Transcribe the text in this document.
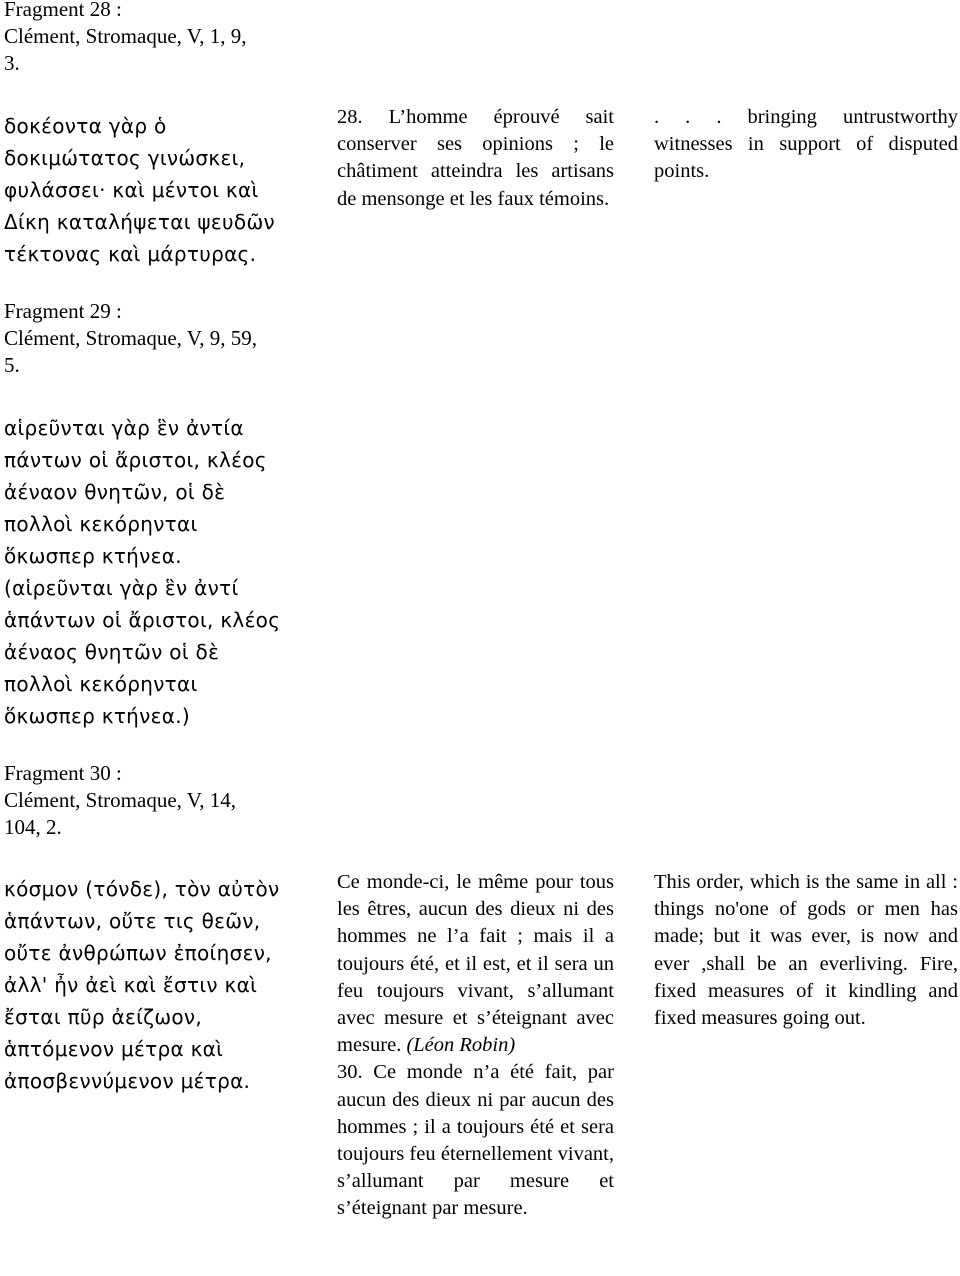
Fragment 28 :
Clément, Stromaque, V, 1, 9,
3.
δοκέοντα γὰρ ὁ
δοκιμώτατος γινώσκει,
φυλάσσει· καὶ μέντοι καὶ
Δίκη καταλήψεται ψευδῶν
τέκτονας καὶ μάρτυρας.

28. L’homme éprouvé sait conserver ses opinions ; le châtiment atteindra les artisans de mensonge et les faux témoins.

. . . bringing untrustworthy witnesses in support of disputed points.

Fragment 29 :
Clément, Stromaque, V, 9, 59,
5.
αἱρεῦνται γὰρ ἓν ἀντία
πάντων οἱ ἄριστοι, κλέος
ἀέναον θνητῶν, οἱ δὲ
πολλοὶ κεκόρηνται
ὅκωσπερ κτήνεα.
(αἱρεῦνται γὰρ ἓν ἀντί
ἁπάντων οἱ ἄριστοι, κλέος
ἀέναος θνητῶν οἱ δὲ
πολλοὶ κεκόρηνται
ὅκωσπερ κτήνεα.)
Fragment 30 :
Clément, Stromaque, V, 14,
104, 2.
κόσμον (τόνδε), τὸν αὐτὸν
ἁπάντων, οὔτε τις θεῶν,
οὔτε ἀνθρώπων ἐποίησεν,
ἀλλ' ἦν ἀεὶ καὶ ἔστιν καὶ
ἔσται πῦρ ἀείζωον,
ἁπτόμενον μέτρα καὶ
ἀποσβεννύμενον μέτρα.

Ce monde-ci, le même pour tous les êtres, aucun des dieux ni des hommes ne l’a fait ; mais il a toujours été, et il est, et il sera un feu toujours vivant, s’allumant avec mesure et s’éteignant avec mesure. (Léon Robin)

30. Ce monde n’a été fait, par aucun des dieux ni par aucun des hommes ; il a toujours été et sera toujours feu éternellement vivant, s’allumant par mesure et s’éteignant par mesure.

This order, which is the same in all : things no'one of gods or men has made; but it was ever, is now and ever ,shall be an everliving. Fire, fixed measures of it kindling and fixed measures going out.
